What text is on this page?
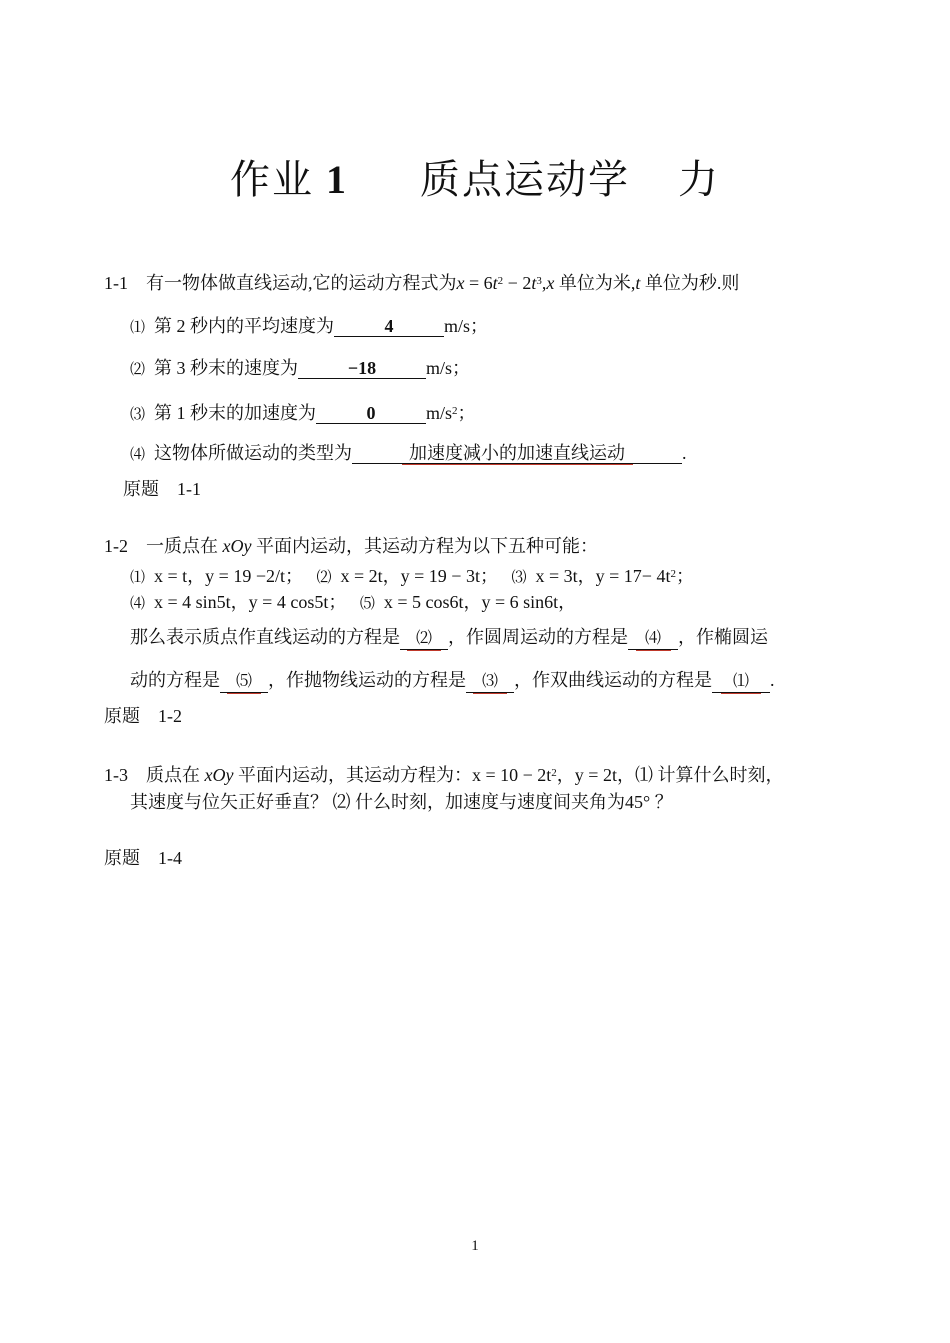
作业 1 质点运动学 力
1-1 有一物体做直线运动,它的运动方程式为$x = 6t^2 - 2t^3,x$ 单位为米,t 单位为秒.则
⑴ 第 2 秒内的平均速度为	4	m/s；
⑵ 第 3 秒末的速度为	−18	m/s；
⑶ 第 1 秒末的加速度为	0	$m/s^2$；
⑷ 这物体所做运动的类型为	加速度减小的加速直线运动	.
原题　1-1
1-2 一质点在 xOy 平面内运动，其运动方程为以下五种可能：
⑴ x = t，y = 19 −2/t； ⑵ x = 2t，y = 19 − 3t； ⑶ x = 3t，$y = 17- 4t^2$；
⑷ x = 4 sin5t，y = 4 cos5t； ⑸ x = 5 cos6t，y = 6 sin6t，
那么表示质点作直线运动的方程是 ⑵ ，作圆周运动的方程是 ⑷ ，作椭圆运
动的方程是 ⑸ ，作抛物线运动的方程是 ⑶ ，作双曲线运动的方程是 ⑴ .
原题　1-2
1-3 质点在 xOy 平面内运动，其运动方程为：$x = 10 - 2t^2$，y = 2t，⑴ 计算什么时刻，
其速度与位矢正好垂直？ ⑵ 什么时刻，加速度与速度间夹角为45° ？
原题　1-4
1
